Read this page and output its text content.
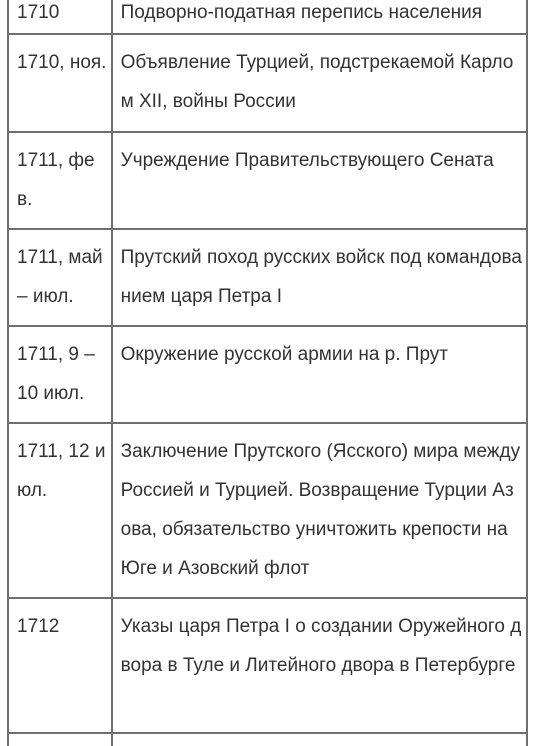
1710	Подворно-податная перепись населения
1710, ноя. Объявление Турцией, подстрекаемой Карлом XII, войны России
1711, фев.
Учреждение Правительствующего Сената
1711, май – июл.
Прутский поход русских войск под командованием царя Петра I
1711, 9 – 10 июл.
Окружение русской армии на р. Прут
1711, 12 июл.
Заключение Прутского (Ясского) мира между Россией и Турцией. Возвращение Турции Азова, обязательство уничтожить крепости на Юге и Азовский флот
1712	Указы царя Петра I о создании Оружейного двора в Туле и Литейного двора в Петербурге
